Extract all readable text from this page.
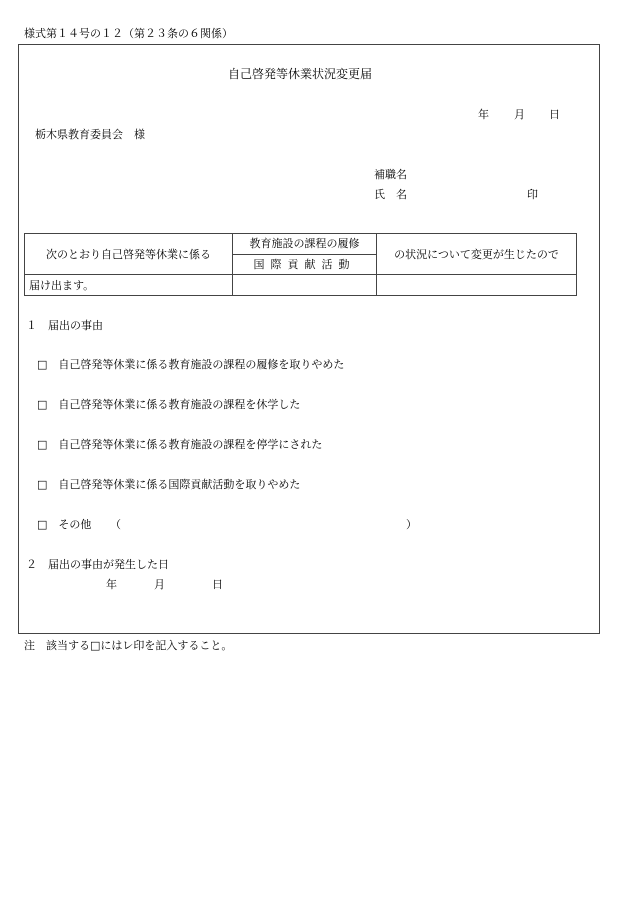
様式第１４号の１２（第２３条の６関係）
自己啓発等休業状況変更届
年 月 日
栃木県教育委員会　様
補職名
氏　名	印
次のとおり自己啓発等休業に係る	教育施設の課程の履修	の状況について変更が生じたので
	国際貢献活動	
届け出ます。		
１　届出の事由
□　自己啓発等休業に係る教育施設の課程の履修を取りやめた
□　自己啓発等休業に係る教育施設の課程を休学した
□　自己啓発等休業に係る教育施設の課程を停学にされた
□　自己啓発等休業に係る国際貢献活動を取りやめた
□　その他 （	）
２　届出の事由が発生した日
年	月	日
注　該当する□にはレ印を記入すること。
